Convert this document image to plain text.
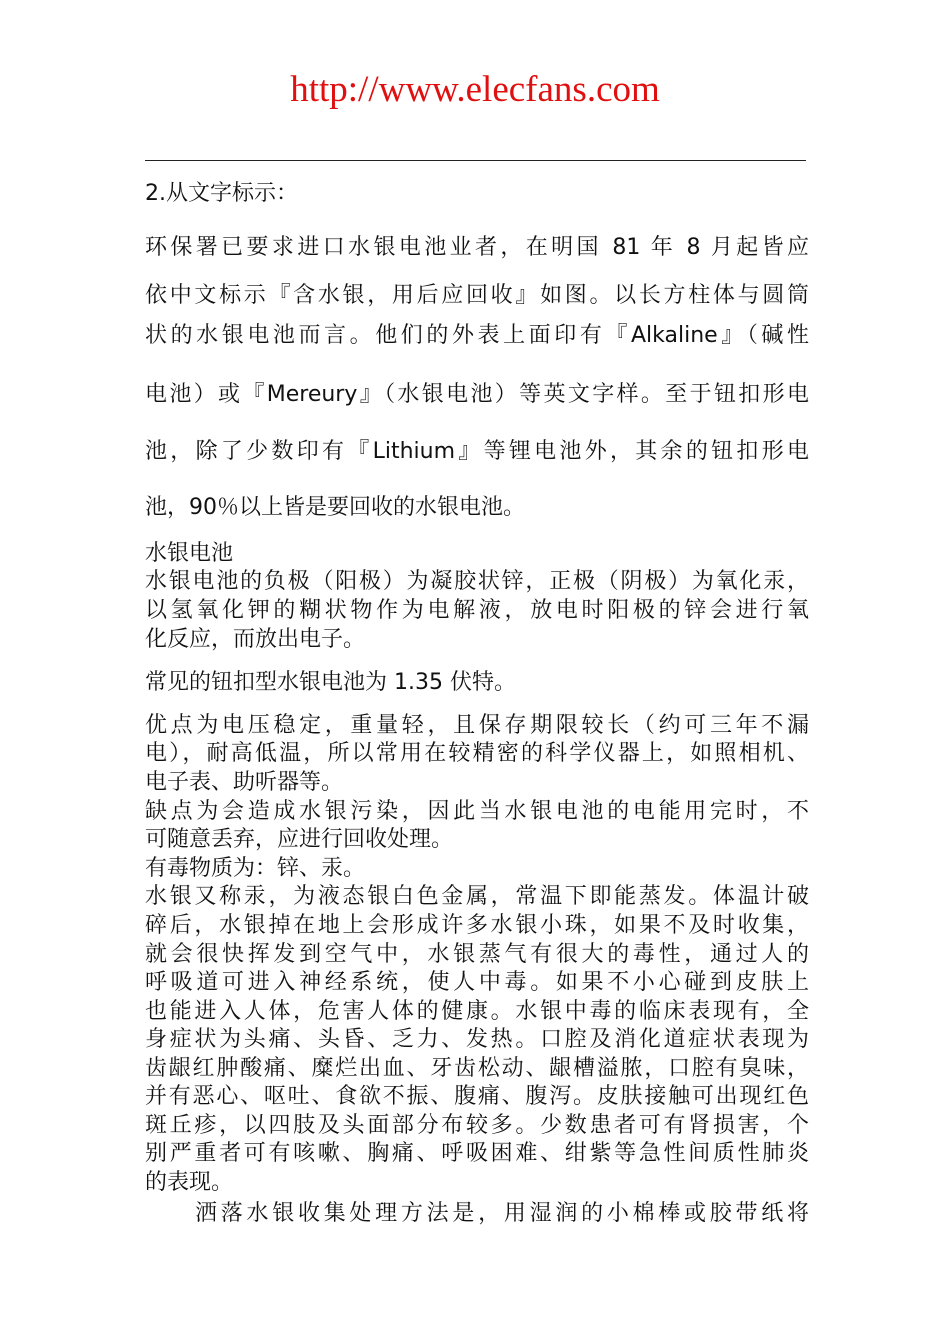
http://www.elecfans.com

2.从文字标示：

环保署已要求进口水银电池业者，在明国 81 年 8 月起皆应

依中文标示『含水银，用后应回收』如图。以长方柱体与圆筒

状的水银电池而言。他们的外表上面印有『Alkaline』（碱性

电池）或『Mereury』（水银电池）等英文字样。至于钮扣形电

池，除了少数印有『Lithium』等锂电池外，其余的钮扣形电

池，90％以上皆是要回收的水银电池。

水银电池

水银电池的负极（阳极）为凝胶状锌，正极（阴极）为氧化汞，

以氢氧化钾的糊状物作为电解液，放电时阳极的锌会进行氧

化反应，而放出电子。

常见的钮扣型水银电池为 1.35 伏特。

优点为电压稳定，重量轻，且保存期限较长（约可三年不漏

电），耐高低温，所以常用在较精密的科学仪器上，如照相机、

电子表、助听器等。

缺点为会造成水银污染，因此当水银电池的电能用完时，不

可随意丢弃，应进行回收处理。

有毒物质为：锌、汞。

水银又称汞，为液态银白色金属，常温下即能蒸发。体温计破

碎后，水银掉在地上会形成许多水银小珠，如果不及时收集，

就会很快挥发到空气中，水银蒸气有很大的毒性，通过人的

呼吸道可进入神经系统，使人中毒。如果不小心碰到皮肤上

也能进入人体，危害人体的健康。水银中毒的临床表现有，全

身症状为头痛、头昏、乏力、发热。口腔及消化道症状表现为

齿龈红肿酸痛、糜烂出血、牙齿松动、龈槽溢脓，口腔有臭味，

并有恶心、呕吐、食欲不振、腹痛、腹泻。皮肤接触可出现红色

斑丘疹，以四肢及头面部分布较多。少数患者可有肾损害，个

别严重者可有咳嗽、胸痛、呼吸困难、绀紫等急性间质性肺炎

的表现。

洒落水银收集处理方法是，用湿润的小棉棒或胶带纸将
